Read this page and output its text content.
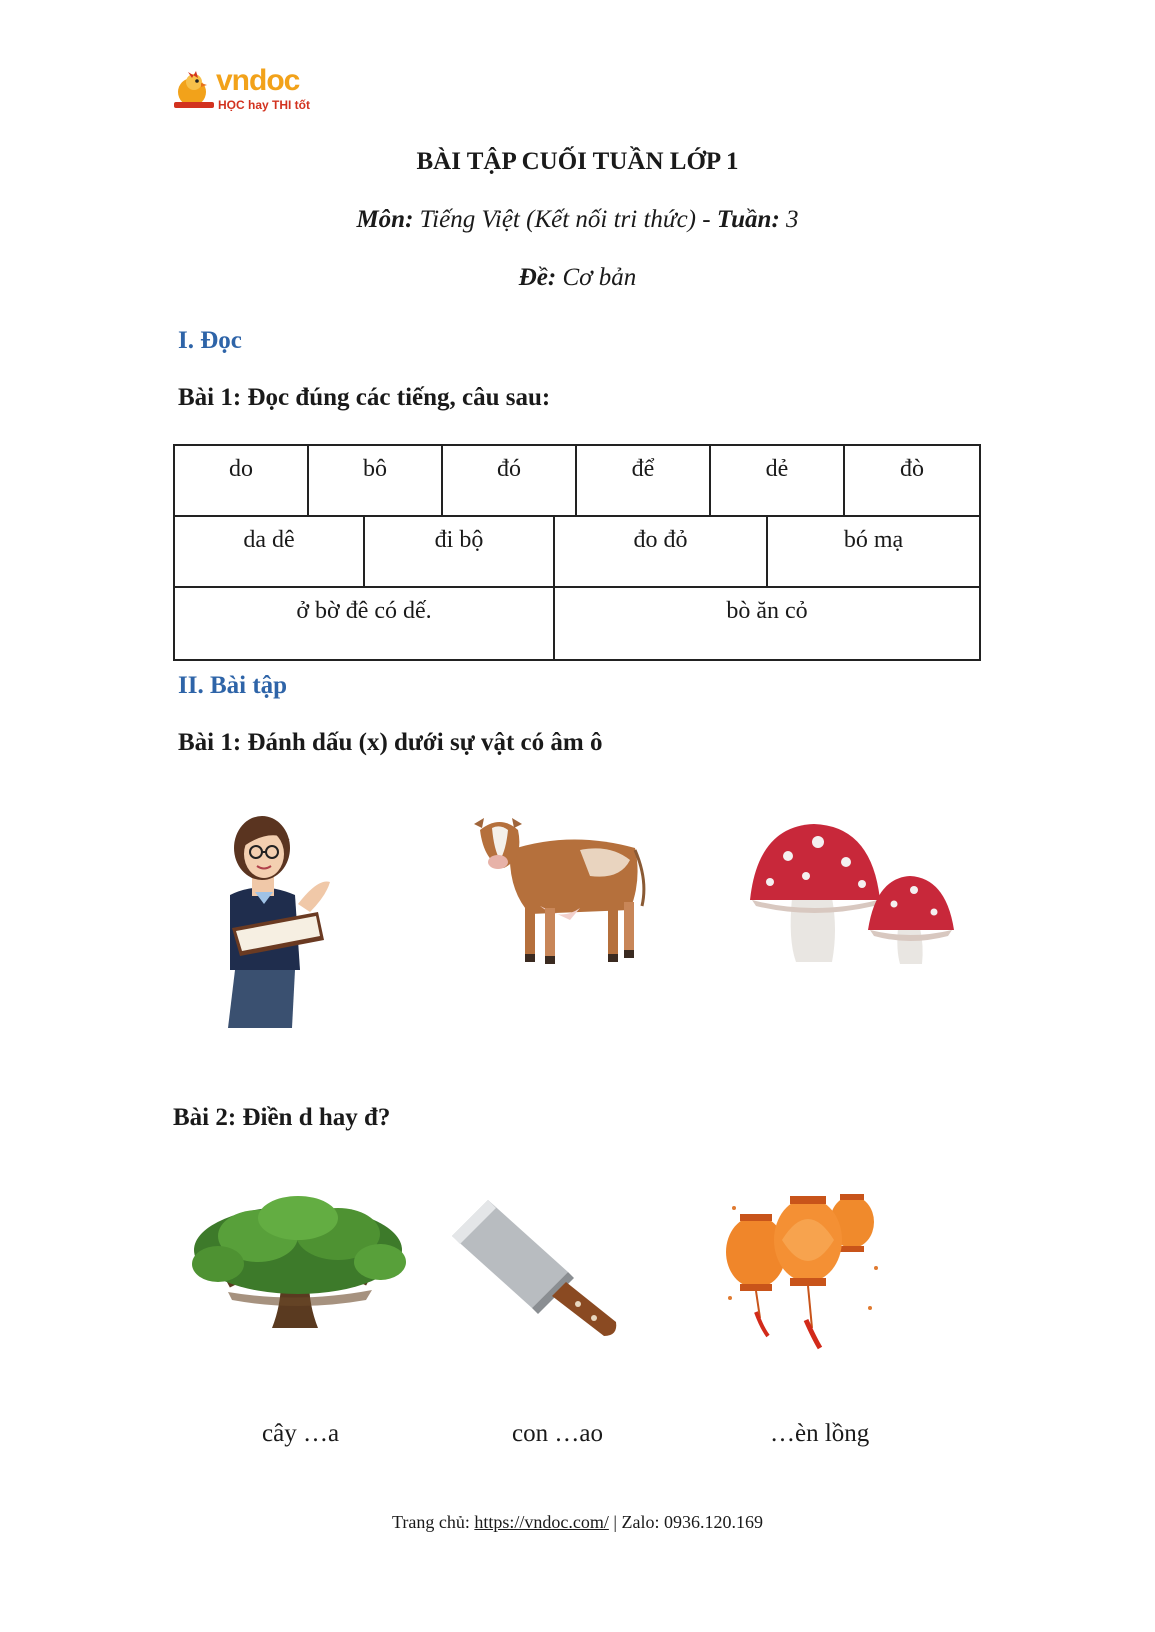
vndoc
HỌC hay THI tốt
BÀI TẬP CUỐI TUẦN LỚP 1
Môn: Tiếng Việt (Kết nối tri thức) - Tuần: 3
Đề: Cơ bản
I. Đọc
Bài 1: Đọc đúng các tiếng, câu sau:
do	bô	đó	để	dẻ	đò
da dê	đi bộ	đo đỏ	bó mạ
ở bờ đê có dế.	bò ăn cỏ
II. Bài tập
Bài 1: Đánh dấu (x) dưới sự vật có âm ô
Bài 2: Điền d hay đ?
cây …a	con …ao	…èn lồng
Trang chủ: https://vndoc.com/ | Zalo: 0936.120.169
